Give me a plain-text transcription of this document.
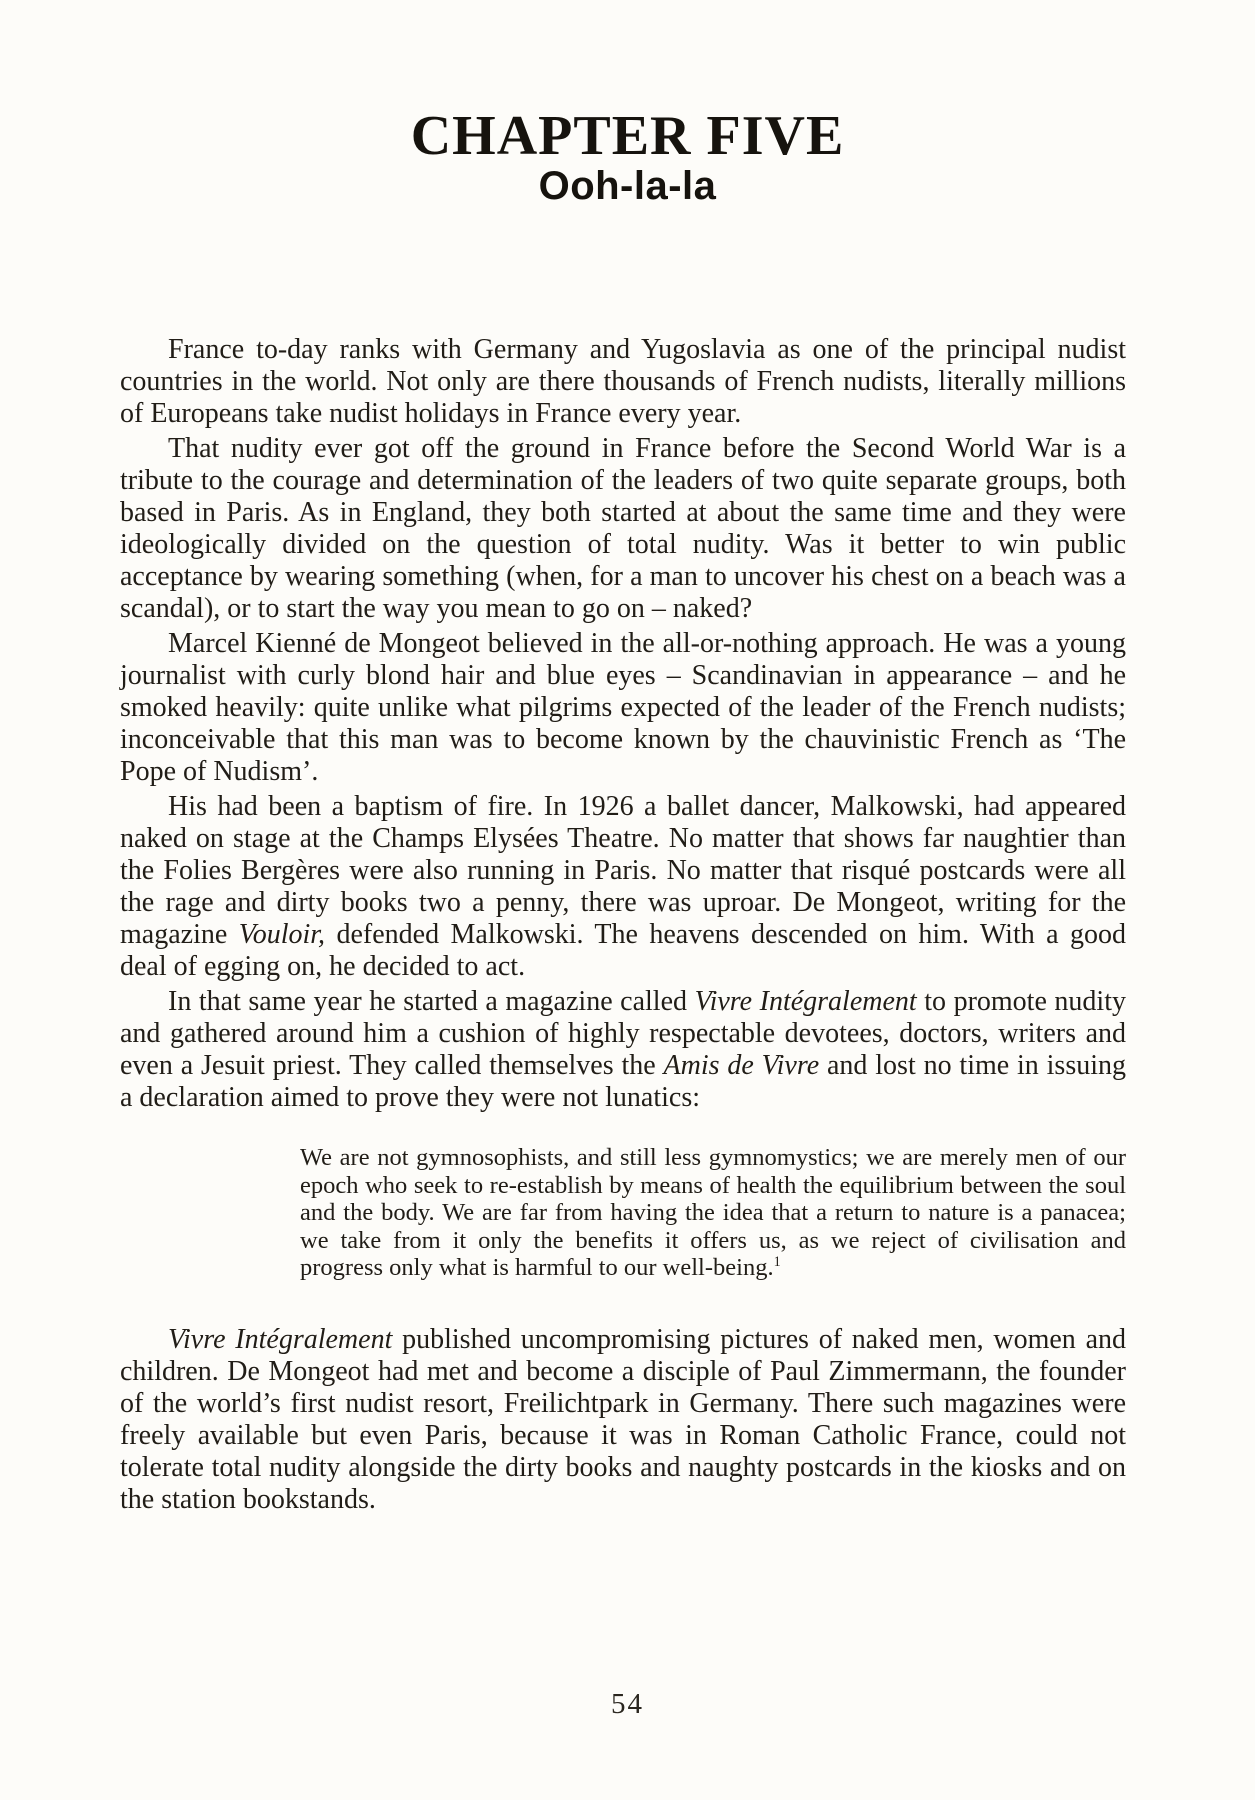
CHAPTER FIVE
Ooh-la-la

France to-day ranks with Germany and Yugoslavia as one of the principal nudist countries in the world. Not only are there thousands of French nudists, literally millions of Europeans take nudist holidays in France every year.

That nudity ever got off the ground in France before the Second World War is a tribute to the courage and determination of the leaders of two quite separate groups, both based in Paris. As in England, they both started at about the same time and they were ideologically divided on the question of total nudity. Was it better to win public acceptance by wearing something (when, for a man to uncover his chest on a beach was a scandal), or to start the way you mean to go on – naked?

Marcel Kienné de Mongeot believed in the all-or-nothing approach. He was a young journalist with curly blond hair and blue eyes – Scandinavian in appearance – and he smoked heavily: quite unlike what pilgrims expected of the leader of the French nudists; inconceivable that this man was to become known by the chauvinistic French as ‘The Pope of Nudism’.

His had been a baptism of fire. In 1926 a ballet dancer, Malkowski, had appeared naked on stage at the Champs Elysées Theatre. No matter that shows far naughtier than the Folies Bergères were also running in Paris. No matter that risqué postcards were all the rage and dirty books two a penny, there was uproar. De Mongeot, writing for the magazine Vouloir, defended Malkowski. The heavens descended on him. With a good deal of egging on, he decided to act.

In that same year he started a magazine called Vivre Intégralement to promote nudity and gathered around him a cushion of highly respectable devotees, doctors, writers and even a Jesuit priest. They called themselves the Amis de Vivre and lost no time in issuing a declaration aimed to prove they were not lunatics:

We are not gymnosophists, and still less gymnomystics; we are merely men of our epoch who seek to re-establish by means of health the equilibrium between the soul and the body. We are far from having the idea that a return to nature is a panacea; we take from it only the benefits it offers us, as we reject of civilisation and progress only what is harmful to our well-being.$^1$

Vivre Intégralement published uncompromising pictures of naked men, women and children. De Mongeot had met and become a disciple of Paul Zimmermann, the founder of the world’s first nudist resort, Freilichtpark in Germany. There such magazines were freely available but even Paris, because it was in Roman Catholic France, could not tolerate total nudity alongside the dirty books and naughty postcards in the kiosks and on the station bookstands.

54
